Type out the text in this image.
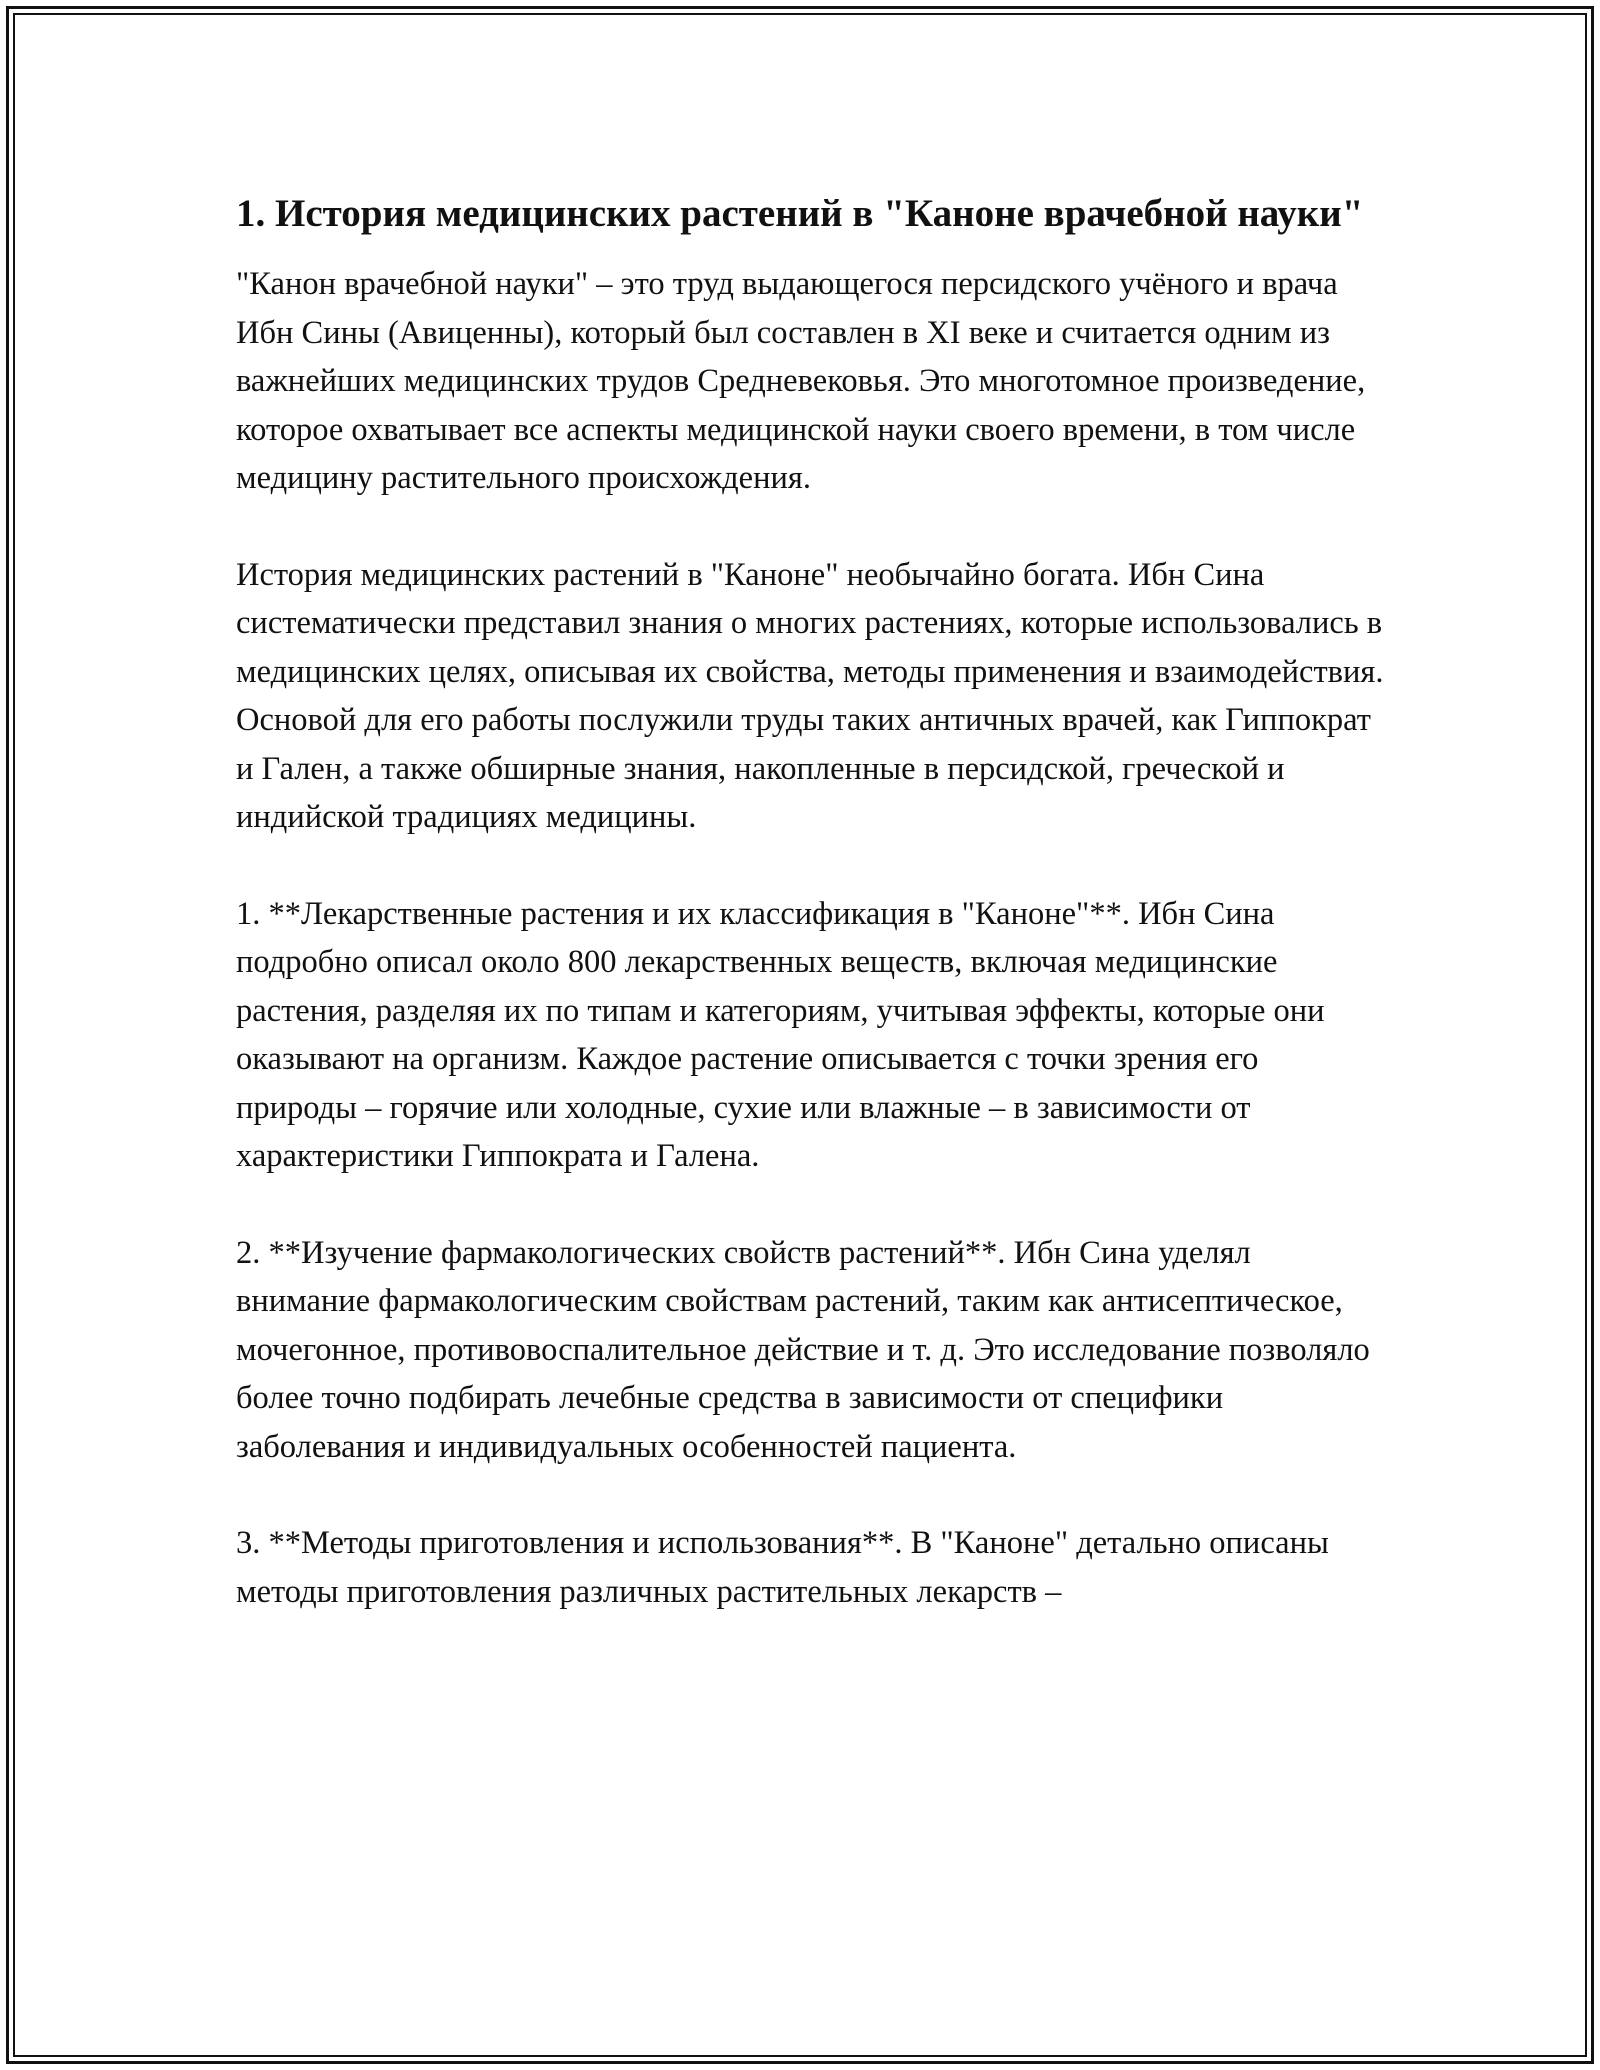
1. История медицинских растений в "Каноне врачебной науки"

"Канон врачебной науки" – это труд выдающегося персидского учёного и врача Ибн Сины (Авиценны), который был составлен в XI веке и считается одним из важнейших медицинских трудов Средневековья. Это многотомное произведение, которое охватывает все аспекты медицинской науки своего времени, в том числе медицину растительного происхождения.

История медицинских растений в "Каноне" необычайно богата. Ибн Сина систематически представил знания о многих растениях, которые использовались в медицинских целях, описывая их свойства, методы применения и взаимодействия. Основой для его работы послужили труды таких античных врачей, как Гиппократ и Гален, а также обширные знания, накопленные в персидской, греческой и индийской традициях медицины.

1. **Лекарственные растения и их классификация в "Каноне"**. Ибн Сина подробно описал около 800 лекарственных веществ, включая медицинские растения, разделяя их по типам и категориям, учитывая эффекты, которые они оказывают на организм. Каждое растение описывается с точки зрения его природы – горячие или холодные, сухие или влажные – в зависимости от характеристики Гиппократа и Галена.

2. **Изучение фармакологических свойств растений**. Ибн Сина уделял внимание фармакологическим свойствам растений, таким как антисептическое, мочегонное, противовоспалительное действие и т. д. Это исследование позволяло более точно подбирать лечебные средства в зависимости от специфики заболевания и индивидуальных особенностей пациента.

3. **Методы приготовления и использования**. В "Каноне" детально описаны методы приготовления различных растительных лекарств –
